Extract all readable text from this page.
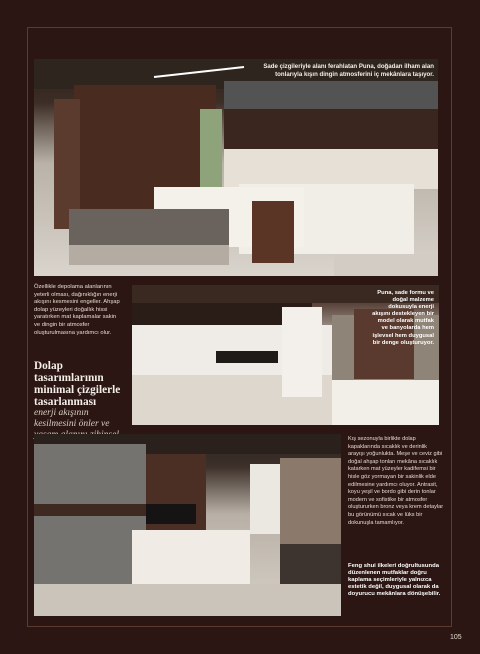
Sade çizgileriyle alanı ferahlatan Puna, doğadan ilham alan tonlarıyla kışın dingin atmosferini iç mekânlara taşıyor.
Özellikle depolama alanlarının yeterli olması, dağınıklığın enerji akışını kesmesini engeller. Ahşap dolap yüzeyleri doğallık hissi yaratırken mat kaplamalar sakin ve dingin bir atmosfer oluşturulmasına yardımcı olur.
Dolap tasarımlarının minimal çizgilerle tasarlanması
enerji akışının kesilmesini önler ve
Puna, sade formu ve doğal malzeme dokusuyla enerji akışını destekleyen bir model olarak mutfak ve banyolarda hem işlevsel hem duygusal bir denge oluşturuyor.
Kış sezonuyla birlikte dolap kapaklarında sıcaklık ve derinlik arayışı yoğunlukta. Meşe ve ceviz gibi doğal ahşap tonları mekâna sıcaklık katarken mat yüzeyler kadifemsi bir hisle göz yormayan bir sakinlik elde edilmesine yardımcı oluyor. Antrasit, koyu yeşil ve bordo gibi derin tonlar modern ve sofistike bir atmosfer oluştururken bronz veya krem detaylar bu görünümü sıcak ve lüks bir dokunuşla tamamlıyor.
Feng shui ilkeleri doğrultusunda düzenlenen mutfaklar doğru kaplama seçimleriyle yalnızca estetik değil, duygusal olarak da doyurucu mekânlara dönüşebilir.
105
